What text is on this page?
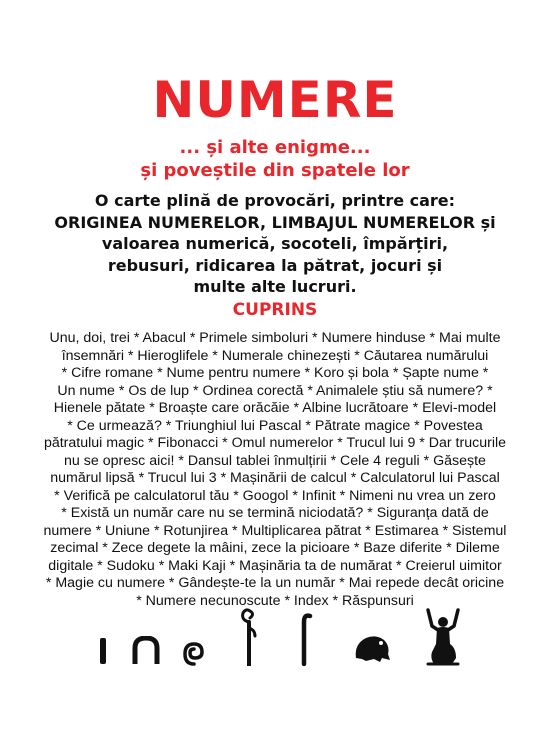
NUMERE
... și alte enigme...
și poveștile din spatele lor
O carte plină de provocări, printre care:
ORIGINEA NUMERELOR, LIMBAJUL NUMERELOR și
valoarea numerică, socoteli, împărțiri,
rebusuri, ridicarea la pătrat, jocuri și
multe alte lucruri.
CUPRINS
Unu, doi, trei * Abacul * Primele simboluri * Numere hinduse * Mai multe
însemnări * Hieroglifele * Numerale chinezești * Căutarea numărului
* Cifre romane * Nume pentru numere * Koro și bola * Șapte nume *
Un nume * Os de lup * Ordinea corectă * Animalele știu să numere? *
Hienele pătate * Broaște care orăcăie * Albine lucrătoare * Elevi-model
* Ce urmează? * Triunghiul lui Pascal * Pătrate magice * Povestea
pătratului magic * Fibonacci * Omul numerelor * Trucul lui 9 * Dar trucurile
nu se opresc aici! * Dansul tablei înmulțirii * Cele 4 reguli * Găsește
numărul lipsă * Trucul lui 3 * Mașinării de calcul * Calculatorul lui Pascal
* Verifică pe calculatorul tău * Googol * Infinit * Nimeni nu vrea un zero
* Există un număr care nu se termină niciodată? * Siguranța dată de
numere * Uniune * Rotunjirea * Multiplicarea pătrat * Estimarea * Sistemul
zecimal * Zece degete la mâini, zece la picioare * Baze diferite * Dileme
digitale * Sudoku * Maki Kaji * Mașinăria ta de numărat * Creierul uimitor
* Magie cu numere * Gândește-te la un număr * Mai repede decât oricine
* Numere necunoscute * Index * Răspunsuri
